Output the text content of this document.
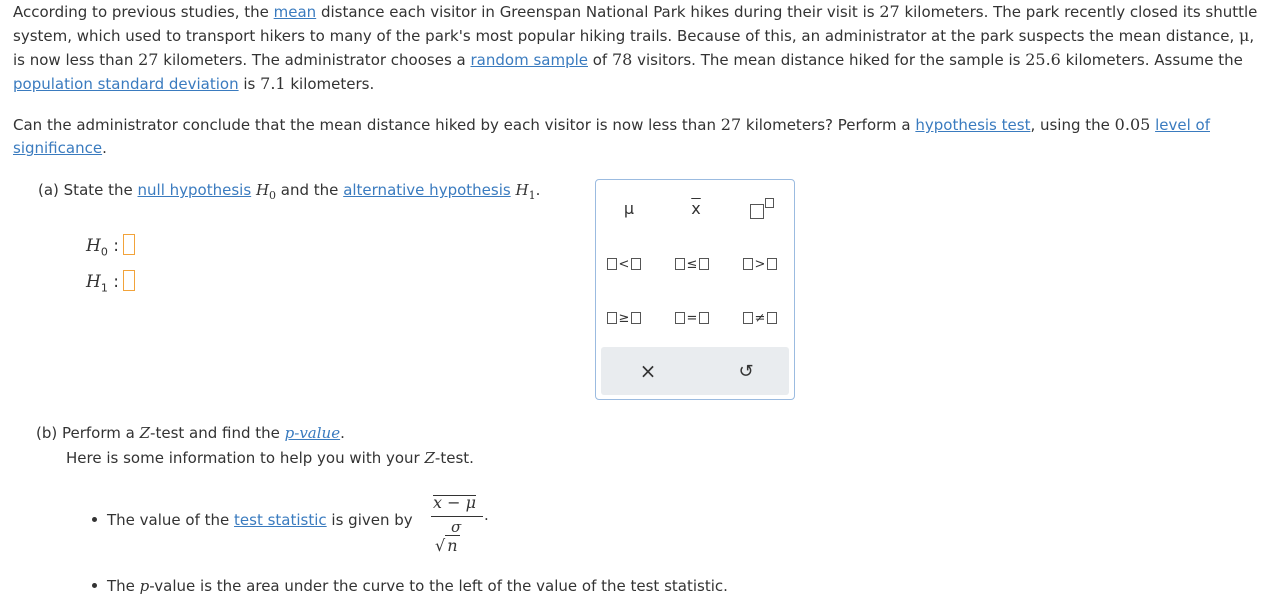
According to previous studies, the mean distance each visitor in Greenspan National Park hikes during their visit is 27 kilometers. The park recently closed its shuttle system, which used to transport hikers to many of the park's most popular hiking trails. Because of this, an administrator at the park suspects the mean distance, μ, is now less than 27 kilometers. The administrator chooses a random sample of 78 visitors. The mean distance hiked for the sample is 25.6 kilometers. Assume the population standard deviation is 7.1 kilometers.
Can the administrator conclude that the mean distance hiked by each visitor is now less than 27 kilometers? Perform a hypothesis test, using the 0.05 level of significance.
(a) State the null hypothesis $H_0$ and the alternative hypothesis $H_1$.
$H_0$ :
$H_1$ :
μ	$\overline{x}$
<	≤	>
≥	=	≠
×	↺
(b) Perform a Z-test and find the p-value.
Here is some information to help you with your Z-test.
The value of the test statistic is given by
x − μ
σ
√ n
.
The p-value is the area under the curve to the left of the value of the test statistic.
